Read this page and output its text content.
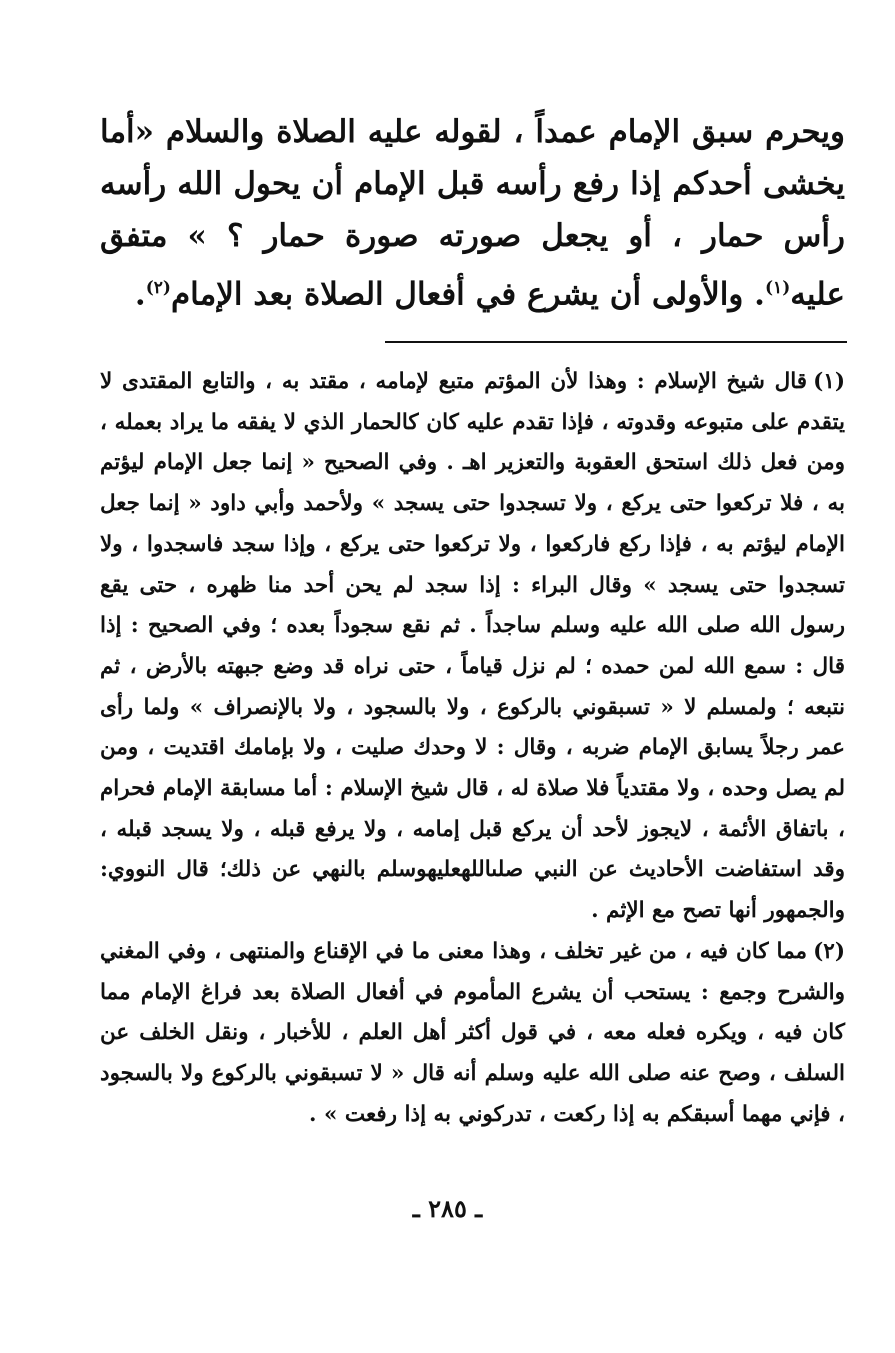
ويحرم سبق الإمام عمداً ، لقوله عليه الصلاة والسلام «أما يخشى أحدكم إذا رفع رأسه قبل الإمام أن يحول الله رأسه رأس حمار ، أو يجعل صورته صورة حمار ؟ » متفق عليه$^{(١)}$. والأولى أن يشرع في أفعال الصلاة بعد الإمام$^{(٢)}$.

(١)قال شيخ الإسلام : وهذا لأن المؤتم متبع لإمامه ، مقتد به ، والتابع المقتدى لا يتقدم على متبوعه وقدوته ، فإذا تقدم عليه كان كالحمار الذي لا يفقه ما يراد بعمله ، ومن فعل ذلك استحق العقوبة والتعزير اهـ . وفي الصحيح « إنما جعل الإمام ليؤتم به ، فلا تركعوا حتى يركع ، ولا تسجدوا حتى يسجد » ولأحمد وأبي داود « إنما جعل الإمام ليؤتم به ، فإذا ركع فاركعوا ، ولا تركعوا حتى يركع ، وإذا سجد فاسجدوا ، ولا تسجدوا حتى يسجد » وقال البراء : إذا سجد لم يحن أحد منا ظهره ، حتى يقع رسول الله صلى الله عليه وسلم ساجداً . ثم نقع سجوداً بعده ؛ وفي الصحيح : إذا قال : سمع الله لمن حمده ؛ لم نزل قياماً ، حتى نراه قد وضع جبهته بالأرض ، ثم نتبعه ؛ ولمسلم لا « تسبقوني بالركوع ، ولا بالسجود ، ولا بالإنصراف » ولما رأى عمر رجلاً يسابق الإمام ضربه ، وقال : لا وحدك صليت ، ولا بإمامك اقتديت ، ومن لم يصل وحده ، ولا مقتدياً فلا صلاة له ، قال شيخ الإسلام : أما مسابقة الإمام فحرام ، باتفاق الأئمة ، لايجوز لأحد أن يركع قبل إمامه ، ولا يرفع قبله ، ولا يسجد قبله ، وقد استفاضت الأحاديث عن النبي صلىاللهعليهوسلم بالنهي عن ذلك؛ قال النووي: والجمهور أنها تصح مع الإثم .

(٢)مما كان فيه ، من غير تخلف ، وهذا معنى ما في الإقناع والمنتهى ، وفي المغني والشرح وجمع : يستحب أن يشرع المأموم في أفعال الصلاة بعد فراغ الإمام مما كان فيه ، ويكره فعله معه ، في قول أكثر أهل العلم ، للأخبار ، ونقل الخلف عن السلف ، وصح عنه صلى الله عليه وسلم أنه قال « لا تسبقوني بالركوع ولا بالسجود ، فإني مهما أسبقكم به إذا ركعت ، تدركوني به إذا رفعت » .

ـ ٢٨٥ ـ
